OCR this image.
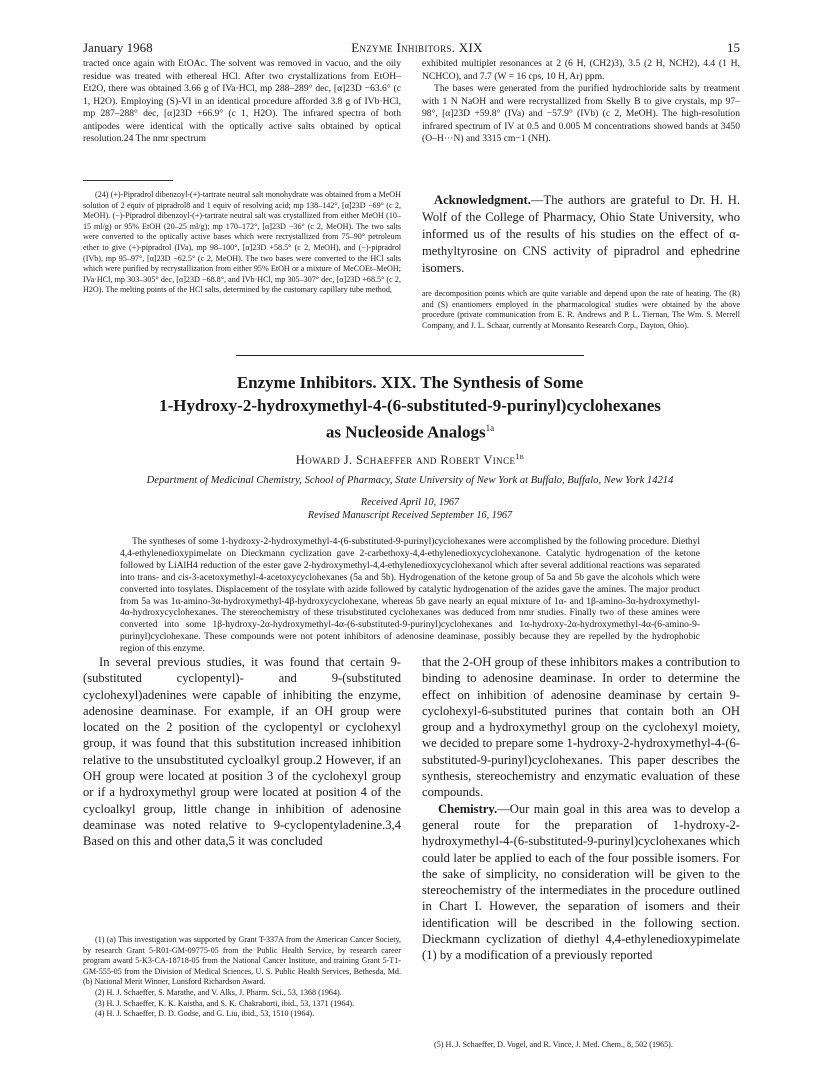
January 1968	Enzyme Inhibitors. XIX	15

tracted once again with EtOAc. The solvent was removed in vacuo, and the oily residue was treated with ethereal HCl. After two crystallizations from EtOH–Et2O, there was obtained 3.66 g of IVa·HCl, mp 288–289° dec, [α]23D −63.6° (c 1, H2O). Employing (S)-VI in an identical procedure afforded 3.8 g of IVb·HCl, mp 287–288° dec, [α]23D +66.9° (c 1, H2O). The infrared spectra of both antipodes were identical with the optically active salts obtained by optical resolution.24 The nmr spectrum

(24) (+)-Pipradrol dibenzoyl-(+)-tartrate neutral salt monohydrate was obtained from a MeOH solution of 2 equiv of pipradrol8 and 1 equiv of resolving acid; mp 138–142°, [α]23D −69° (c 2, MeOH). (−)-Pipradrol dibenzoyl-(+)-tartrate neutral salt was crystallized from either MeOH (10–15 ml/g) or 95% EtOH (20–25 ml/g); mp 170–172°, [α]23D −36° (c 2, MeOH). The two salts were converted to the optically active bases which were recrystallized from 75–90° petroleum ether to give (+)-pipradrol (IVa), mp 98–100°, [α]23D +58.5° (c 2, MeOH), and (−)-pipradrol (IVb), mp 95–97°, [α]23D −62.5° (c 2, MeOH). The two bases were converted to the HCl salts which were purified by recrystallization from either 95% EtOH or a mixture of MeCOEt–MeOH; IVa·HCl, mp 303–305° dec, [α]23D −68.8°, and IVb·HCl, mp 305–307° dec, [α]23D +68.5° (c 2, H2O). The melting points of the HCl salts, determined by the customary capillary tube method,

exhibited multiplet resonances at 2 (6 H, (CH2)3), 3.5 (2 H, NCH2), 4.4 (1 H, NCHCO), and 7.7 (W = 16 cps, 10 H, Ar) ppm.

The bases were generated from the purified hydrochloride salts by treatment with 1 N NaOH and were recrystallized from Skelly B to give crystals, mp 97–98°, [α]23D +59.8° (IVa) and −57.9° (IVb) (c 2, MeOH). The high-resolution infrared spectrum of IV at 0.5 and 0.005 M concentrations showed bands at 3450 (O–H···N) and 3315 cm−1 (NH).

Acknowledgment.—The authors are grateful to Dr. H. H. Wolf of the College of Pharmacy, Ohio State University, who informed us of the results of his studies on the effect of α-methyltyrosine on CNS activity of pipradrol and ephedrine isomers.

are decomposition points which are quite variable and depend upon the rate of heating. The (R) and (S) enantiomers employed in the pharmacological studies were obtained by the above procedure (private communication from E. R. Andrews and P. L. Tiernan, The Wm. S. Merrell Company, and J. L. Schaar, currently at Monsanto Research Corp., Dayton, Ohio).

Enzyme Inhibitors. XIX. The Synthesis of Some
1-Hydroxy-2-hydroxymethyl-4-(6-substituted-9-purinyl)cyclohexanes
as Nucleoside Analogs$^{1a}$
Howard J. Schaeffer and Robert Vince$^{1b}$
Department of Medicinal Chemistry, School of Pharmacy, State University of New York at Buffalo, Buffalo, New York 14214
Received April 10, 1967
Revised Manuscript Received September 16, 1967
The syntheses of some 1-hydroxy-2-hydroxymethyl-4-(6-substituted-9-purinyl)cyclohexanes were accomplished by the following procedure. Diethyl 4,4-ethylenedioxypimelate on Dieckmann cyclization gave 2-carbethoxy-4,4-ethylenedioxycyclohexanone. Catalytic hydrogenation of the ketone followed by LiAlH4 reduction of the ester gave 2-hydroxymethyl-4,4-ethylenedioxycyclohexanol which after several additional reactions was separated into trans- and cis-3-acetoxymethyl-4-acetoxycyclohexanes (5a and 5b). Hydrogenation of the ketone group of 5a and 5b gave the alcohols which were converted into tosylates. Displacement of the tosylate with azide followed by catalytic hydrogenation of the azides gave the amines. The major product from 5a was 1α-amino-3α-hydroxymethyl-4β-hydroxycyclohexane, whereas 5b gave nearly an equal mixture of 1α- and 1β-amino-3α-hydroxymethyl-4α-hydroxycyclohexanes. The stereochemistry of these trisubstituted cyclohexanes was deduced from nmr studies. Finally two of these amines were converted into some 1β-hydroxy-2α-hydroxymethyl-4α-(6-substituted-9-purinyl)cyclohexanes and 1α-hydroxy-2α-hydroxymethyl-4α-(6-amino-9-purinyl)cyclohexane. These compounds were not potent inhibitors of adenosine deaminase, possibly because they are repelled by the hydrophobic region of this enzyme.

In several previous studies, it was found that certain 9-(substituted cyclopentyl)- and 9-(substituted cyclohexyl)adenines were capable of inhibiting the enzyme, adenosine deaminase. For example, if an OH group were located on the 2 position of the cyclopentyl or cyclohexyl group, it was found that this substitution increased inhibition relative to the unsubstituted cycloalkyl group.2 However, if an OH group were located at position 3 of the cyclohexyl group or if a hydroxymethyl group were located at position 4 of the cycloalkyl group, little change in inhibition of adenosine deaminase was noted relative to 9-cyclopentyladenine.3,4 Based on this and other data,5 it was concluded

(1) (a) This investigation was supported by Grant T-337A from the American Cancer Society, by research Grant 5-R01-GM-09775-05 from the Public Health Service, by research career program award 5-K3-CA-18718-05 from the National Cancer Institute, and training Grant 5-T1-GM-555-05 from the Division of Medical Sciences, U. S. Public Health Services, Bethesda, Md. (b) National Merit Winner, Lunsford Richardson Award.

(2) H. J. Schaeffer, S. Marathe, and V. Alks, J. Pharm. Sci., 53, 1368 (1964).

(3) H. J. Schaeffer, K. K. Kaistha, and S. K. Chakraborti, ibid., 53, 1371 (1964).

(4) H. J. Schaeffer, D. D. Godse, and G. Liu, ibid., 53, 1510 (1964).

that the 2-OH group of these inhibitors makes a contribution to binding to adenosine deaminase. In order to determine the effect on inhibition of adenosine deaminase by certain 9-cyclohexyl-6-substituted purines that contain both an OH group and a hydroxymethyl group on the cyclohexyl moiety, we decided to prepare some 1-hydroxy-2-hydroxymethyl-4-(6-substituted-9-purinyl)cyclohexanes. This paper describes the synthesis, stereochemistry and enzymatic evaluation of these compounds.

Chemistry.—Our main goal in this area was to develop a general route for the preparation of 1-hydroxy-2-hydroxymethyl-4-(6-substituted-9-purinyl)cyclohexanes which could later be applied to each of the four possible isomers. For the sake of simplicity, no consideration will be given to the stereochemistry of the intermediates in the procedure outlined in Chart I. However, the separation of isomers and their identification will be described in the following section. Dieckmann cyclization of diethyl 4,4-ethylenedioxypimelate (1) by a modification of a previously reported

(5) H. J. Schaeffer, D. Vogel, and R. Vince, J. Med. Chem., 8, 502 (1965).
